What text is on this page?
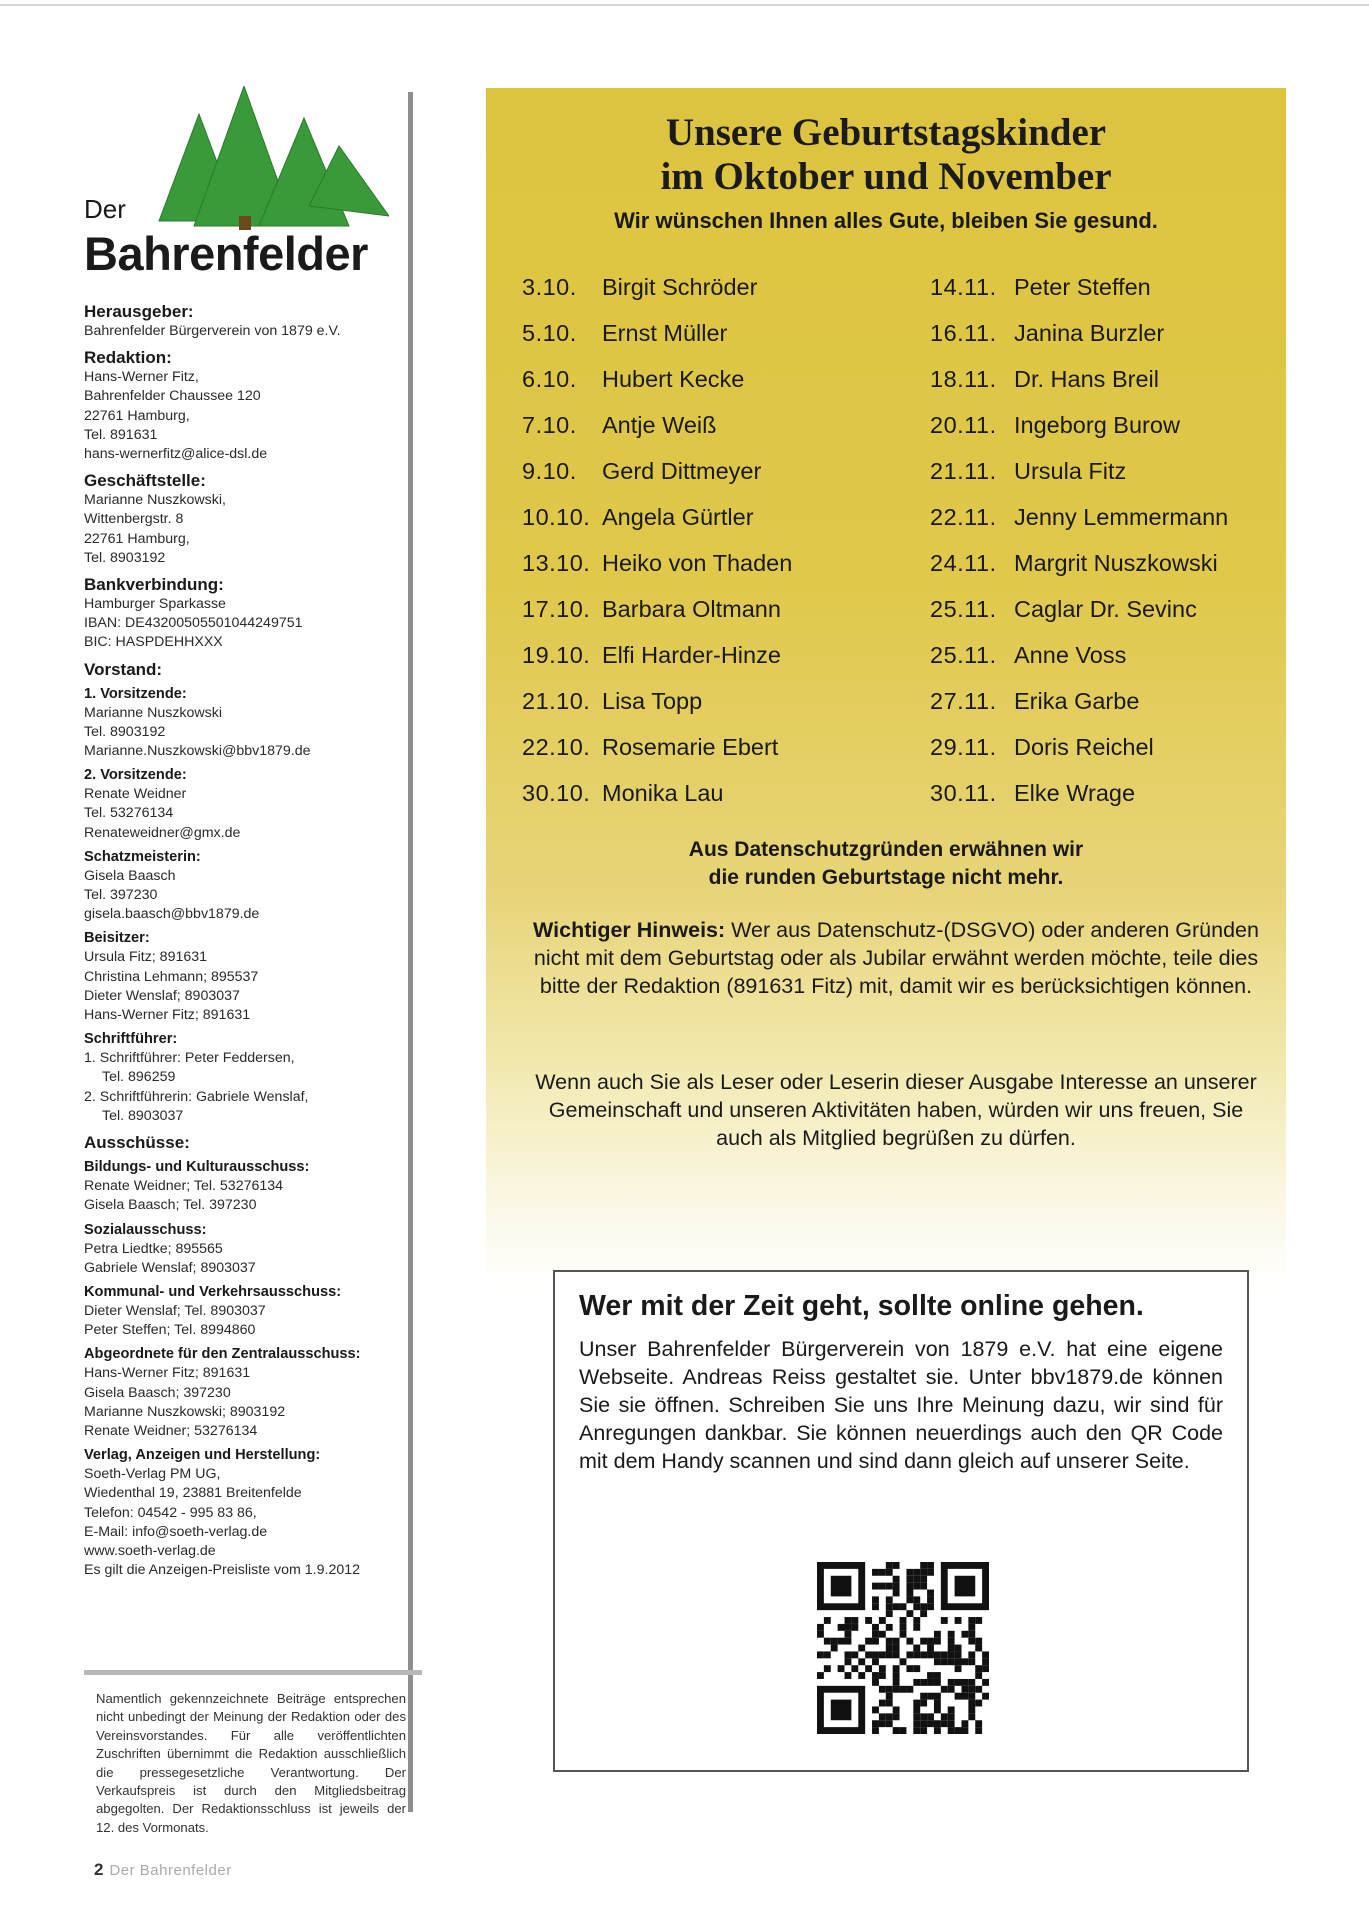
Der
Bahrenfelder
Herausgeber:
Bahrenfelder Bürgerverein von 1879 e.V.
Redaktion:
Hans-Werner Fitz,
Bahrenfelder Chaussee 120
22761 Hamburg,
Tel. 891631
hans-wernerfitz@alice-dsl.de
Geschäftstelle:
Marianne Nuszkowski,
Wittenbergstr. 8
22761 Hamburg,
Tel. 8903192
Bankverbindung:
Hamburger Sparkasse
IBAN: DE43200505501044249751
BIC: HASPDEHHXXX
Vorstand:
1. Vorsitzende:
Marianne Nuszkowski
Tel. 8903192
Marianne.Nuszkowski@bbv1879.de
2. Vorsitzende:
Renate Weidner
Tel. 53276134
Renateweidner@gmx.de
Schatzmeisterin:
Gisela Baasch
Tel. 397230
gisela.baasch@bbv1879.de
Beisitzer:
Ursula Fitz; 891631
Christina Lehmann; 895537
Dieter Wenslaf; 8903037
Hans-Werner Fitz; 891631
Schriftführer:
1. Schriftführer: Peter Feddersen,
Tel. 896259
2. Schriftführerin: Gabriele Wenslaf,
Tel. 8903037
Ausschüsse:
Bildungs- und Kulturausschuss:
Renate Weidner; Tel. 53276134
Gisela Baasch; Tel. 397230
Sozialausschuss:
Petra Liedtke; 895565
Gabriele Wenslaf; 8903037
Kommunal- und Verkehrsausschuss:
Dieter Wenslaf; Tel. 8903037
Peter Steffen; Tel. 8994860
Abgeordnete für den Zentralausschuss:
Hans-Werner Fitz; 891631
Gisela Baasch; 397230
Marianne Nuszkowski; 8903192
Renate Weidner; 53276134
Verlag, Anzeigen und Herstellung:
Soeth-Verlag PM UG,
Wiedenthal 19, 23881 Breitenfelde
Telefon: 04542 - 995 83 86,
E-Mail: info@soeth-verlag.de
www.soeth-verlag.de
Es gilt die Anzeigen-Preisliste vom 1.9.2012
Namentlich gekennzeichnete Beiträge entsprechen nicht unbedingt der Meinung der Redaktion oder des Vereinsvorstandes. Für alle veröffentlichten Zuschriften übernimmt die Redaktion ausschließlich die pressegesetzliche Verantwortung. Der Verkaufspreis ist durch den Mitgliedsbeitrag abgegolten. Der Redaktionsschluss ist jeweils der 12. des Vormonats.
2 Der Bahrenfelder
Unsere Geburtstagskinder
im Oktober und November
Wir wünschen Ihnen alles Gute, bleiben Sie gesund.
3.10.	Birgit Schröder
5.10.	Ernst Müller
6.10.	Hubert Kecke
7.10.	Antje Weiß
9.10.	Gerd Dittmeyer
10.10. Angela Gürtler
13.10. Heiko von Thaden
17.10. Barbara Oltmann
19.10. Elfi Harder-Hinze
21.10. Lisa Topp
22.10. Rosemarie Ebert
30.10. Monika Lau
14.11. Peter Steffen
16.11. Janina Burzler
18.11. Dr. Hans Breil
20.11. Ingeborg Burow
21.11. Ursula Fitz
22.11. Jenny Lemmermann
24.11. Margrit Nuszkowski
25.11. Caglar Dr. Sevinc
25.11. Anne Voss
27.11. Erika Garbe
29.11. Doris Reichel
30.11. Elke Wrage
Aus Datenschutzgründen erwähnen wir
die runden Geburtstage nicht mehr.
Wichtiger Hinweis: Wer aus Datenschutz-(DSGVO) oder anderen Gründen nicht mit dem Geburtstag oder als Jubilar erwähnt werden möchte, teile dies bitte der Redaktion (891631 Fitz) mit, damit wir es berücksichtigen können.
Wenn auch Sie als Leser oder Leserin dieser Ausgabe Interesse an unserer Gemeinschaft und unseren Aktivitäten haben, würden wir uns freuen, Sie auch als Mitglied begrüßen zu dürfen.
Wer mit der Zeit geht, sollte online gehen.
Unser Bahrenfelder Bürgerverein von 1879 e.V. hat eine eigene Webseite. Andreas Reiss gestaltet sie. Unter bbv1879.de können Sie sie öffnen. Schreiben Sie uns Ihre Meinung dazu, wir sind für Anregungen dankbar. Sie können neuerdings auch den QR Code mit dem Handy scannen und sind dann gleich auf unserer Seite.
